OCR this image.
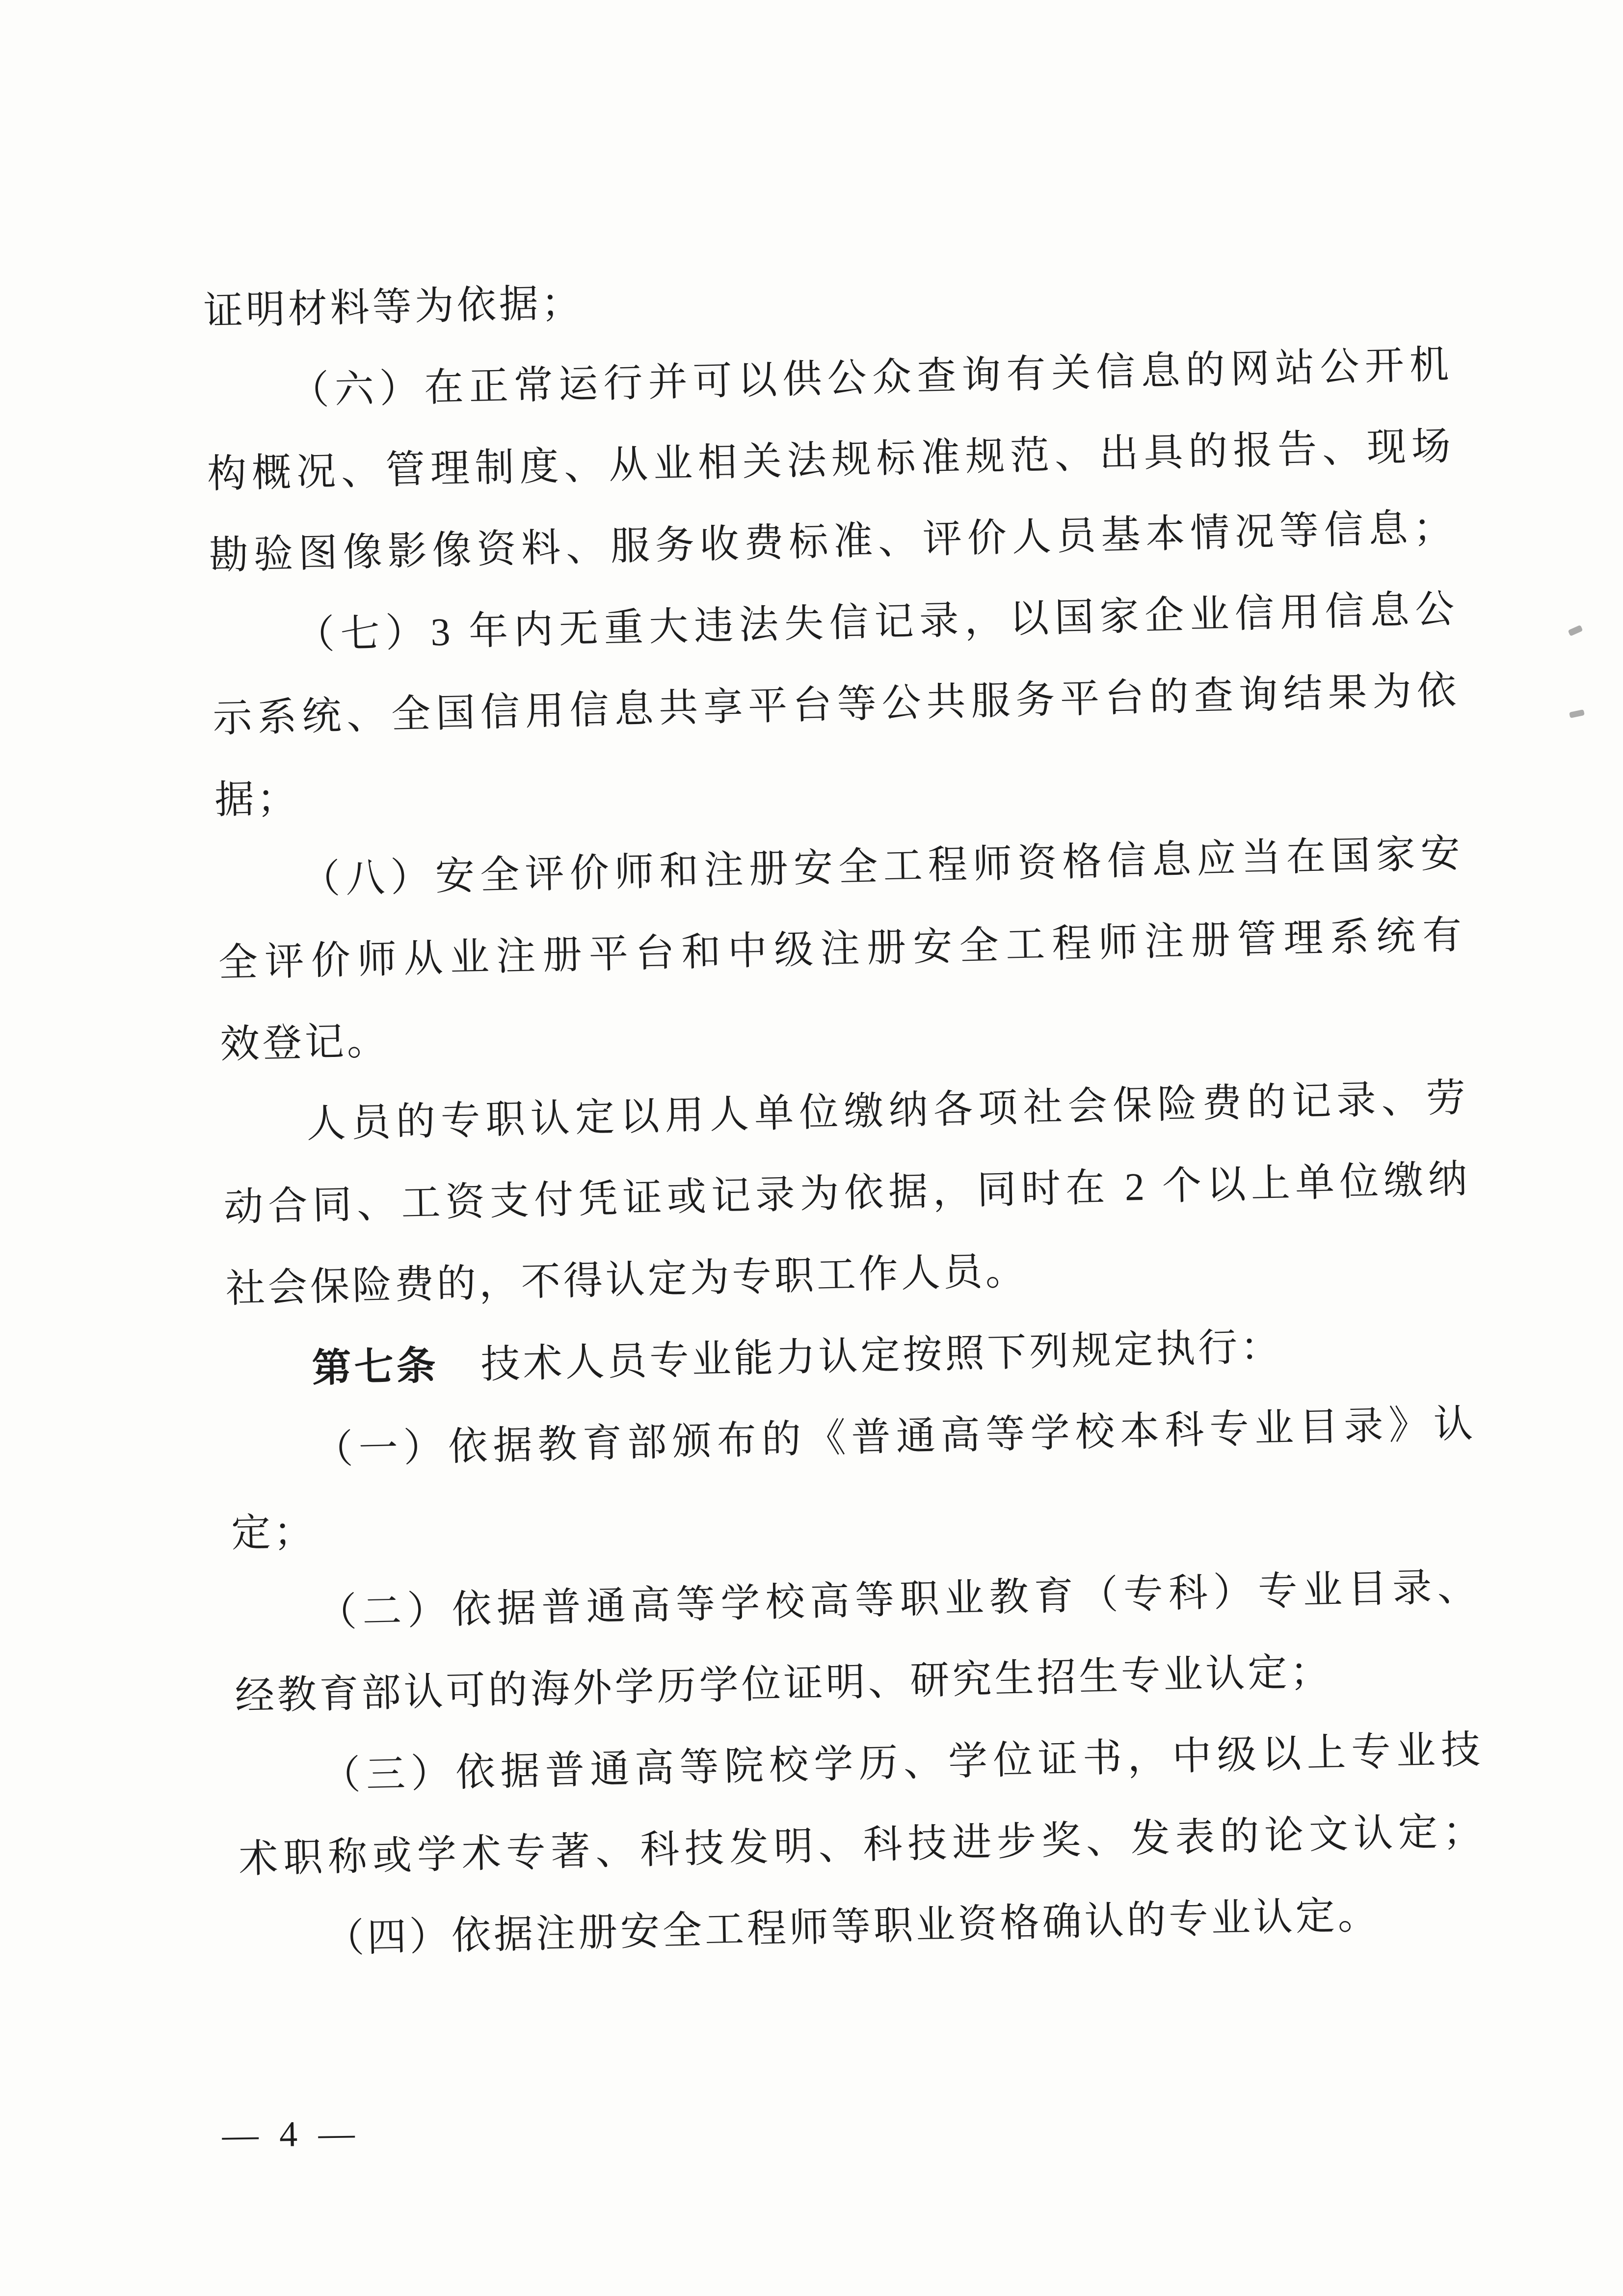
证明材料等为依据；
（六）在正常运行并可以供公众查询有关信息的网站公开机
构概况、管理制度、从业相关法规标准规范、出具的报告、现场
勘验图像影像资料、服务收费标准、评价人员基本情况等信息；
（七）3 年内无重大违法失信记录，以国家企业信用信息公
示系统、全国信用信息共享平台等公共服务平台的查询结果为依
据；
（八）安全评价师和注册安全工程师资格信息应当在国家安
全评价师从业注册平台和中级注册安全工程师注册管理系统有
效登记。
人员的专职认定以用人单位缴纳各项社会保险费的记录、劳
动合同、工资支付凭证或记录为依据，同时在 2 个以上单位缴纳
社会保险费的，不得认定为专职工作人员。
第七条　技术人员专业能力认定按照下列规定执行：
（一）依据教育部颁布的《普通高等学校本科专业目录》认
定；
（二）依据普通高等学校高等职业教育（专科）专业目录、
经教育部认可的海外学历学位证明、研究生招生专业认定；
（三）依据普通高等院校学历、学位证书，中级以上专业技
术职称或学术专著、科技发明、科技进步奖、发表的论文认定；
（四）依据注册安全工程师等职业资格确认的专业认定。
— 4 —
